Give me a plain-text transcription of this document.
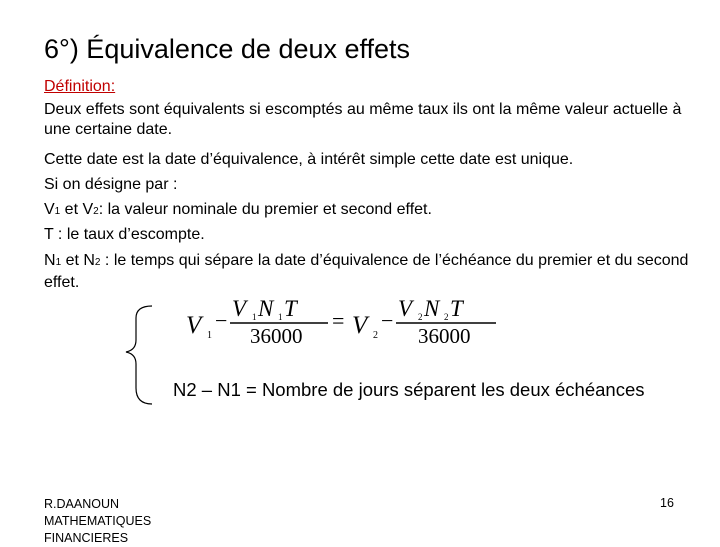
6°) Équivalence de deux effets
Définition:
Deux effets sont équivalents si escomptés au même taux ils ont la même valeur actuelle à une certaine date.
Cette date est la date d’équivalence, à intérêt simple cette date est unique.
Si on désigne par :
V1 et V2: la valeur nominale du premier et second effet.
T : le taux d’escompte.
N1 et N2 : le temps qui sépare la date d’équivalence de l’échéance du premier et du second effet.
V 1
− V 1 N 1 T
36000
= V 2
− V 2 N 2 T
36000
N2 – N1 = Nombre de jours séparent les deux échéances
R.DAANOUN
MATHEMATIQUES
FINANCIERES
16
